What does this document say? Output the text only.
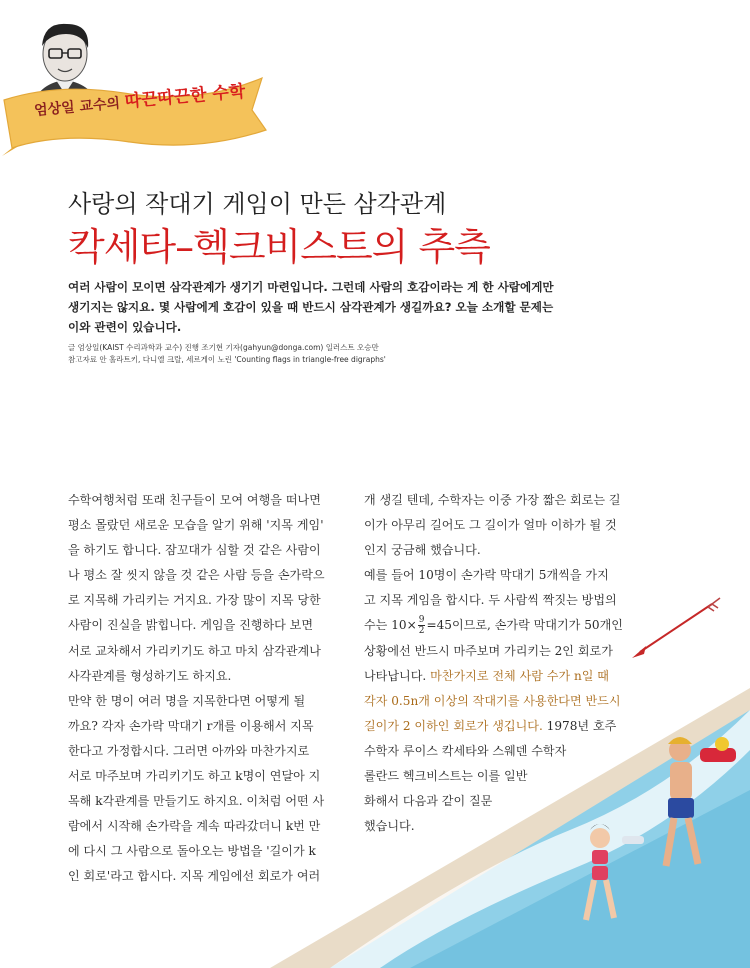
엄상일 교수의 따끈따끈한 수학
사랑의 작대기 게임이 만든 삼각관계
칵세타–헥크비스트의 추측

여러 사람이 모이면 삼각관계가 생기기 마련입니다. 그런데 사람의 호감이라는 게 한 사람에게만

생기지는 않지요. 몇 사람에게 호감이 있을 때 반드시 삼각관계가 생길까요? 오늘 소개할 문제는

이와 관련이 있습니다.

글 엄상일(KAIST 수리과학과 교수) 진행 조기현 기자(gahyun@donga.com) 일러스트 오승만

참고자료 안 홀라트키, 다니엘 크랄, 세르게이 노린 'Counting flags in triangle-free digraphs'

수학여행처럼 또래 친구들이 모여 여행을 떠나면

평소 몰랐던 새로운 모습을 알기 위해 '지목 게임'

을 하기도 합니다. 잠꼬대가 심할 것 같은 사람이

나 평소 잘 씻지 않을 것 같은 사람 등을 손가락으

로 지목해 가리키는 거지요. 가장 많이 지목 당한

사람이 진실을 밝힙니다. 게임을 진행하다 보면

서로 교차해서 가리키기도 하고 마치 삼각관계나

사각관계를 형성하기도 하지요.

만약 한 명이 여러 명을 지목한다면 어떻게 될

까요? 각자 손가락 막대기 r개를 이용해서 지목

한다고 가정합시다. 그러면 아까와 마찬가지로

서로 마주보며 가리키기도 하고 k명이 연달아 지

목해 k각관계를 만들기도 하지요. 이처럼 어떤 사

람에서 시작해 손가락을 계속 따라갔더니 k번 만

에 다시 그 사람으로 돌아오는 방법을 '길이가 k

인 회로'라고 합시다. 지목 게임에선 회로가 여러

개 생길 텐데, 수학자는 이중 가장 짧은 회로는 길

이가 아무리 길어도 그 길이가 얼마 이하가 될 것

인지 궁금해 했습니다.

예를 들어 10명이 손가락 막대기 5개씩을 가지

고 지목 게임을 합시다. 두 사람씩 짝짓는 방법의

수는 $10\times \frac{9}{2} =45$이므로, 손가락 막대기가 50개인

상황에선 반드시 마주보며 가리키는 2인 회로가

나타납니다. 마찬가지로 전체 사람 수가 n일 때

각자 0.5n개 이상의 작대기를 사용한다면 반드시

길이가 2 이하인 회로가 생깁니다. 1978년 호주

수학자 루이스 칵세타와 스웨덴 수학자

롤란드 헥크비스트는 이를 일반

화해서 다음과 같이 질문

했습니다.
